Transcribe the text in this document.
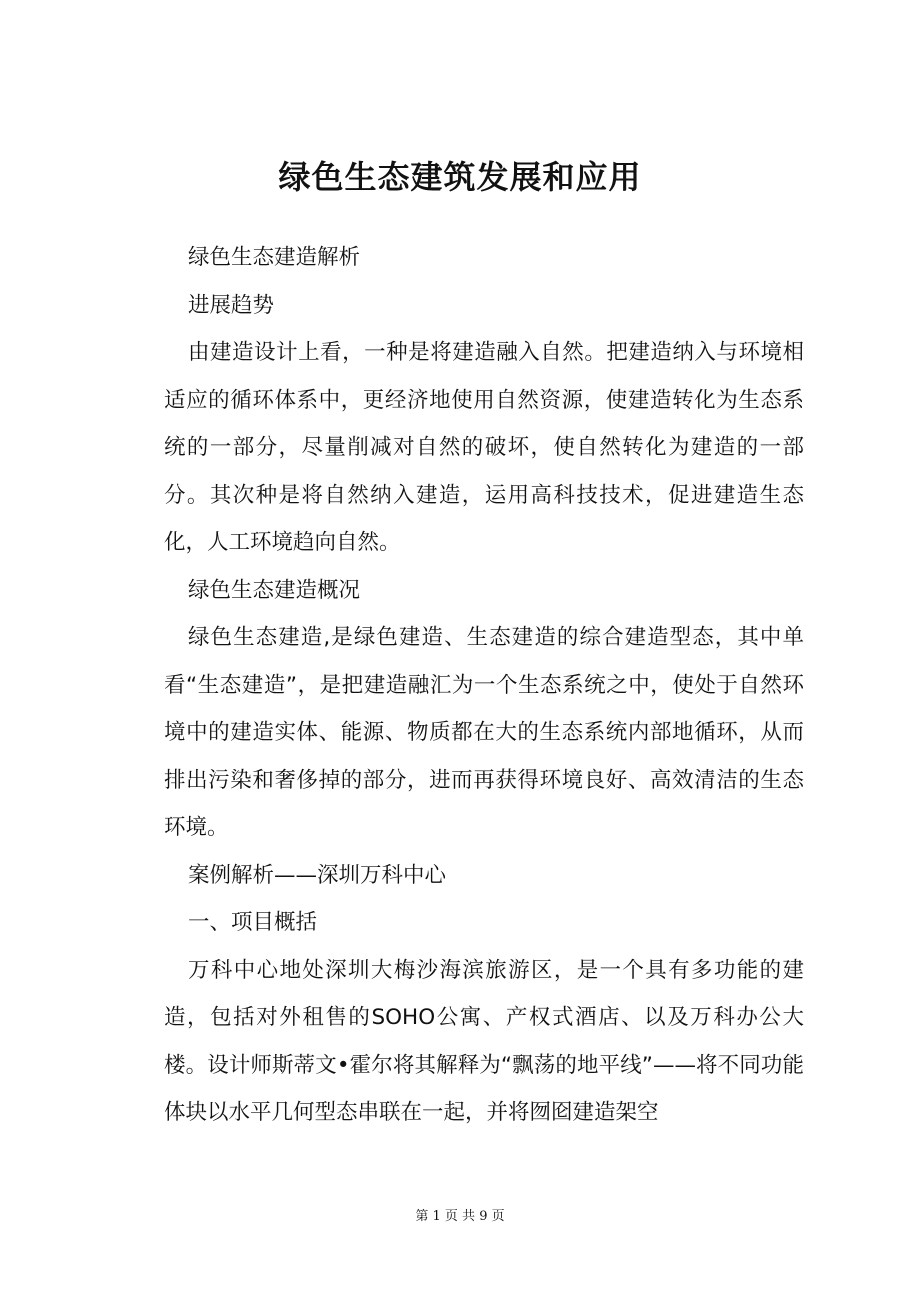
绿色生态建筑发展和应用

绿色生态建造解析

进展趋势

由建造设计上看，一种是将建造融入自然。把建造纳入与环境相适应的循环体系中，更经济地使用自然资源，使建造转化为生态系统的一部分，尽量削减对自然的破坏，使自然转化为建造的一部分。其次种是将自然纳入建造，运用高科技技术，促进建造生态化，人工环境趋向自然。

绿色生态建造概况

绿色生态建造,是绿色建造、生态建造的综合建造型态，其中单看“生态建造”，是把建造融汇为一个生态系统之中，使处于自然环境中的建造实体、能源、物质都在大的生态系统内部地循环，从而排出污染和奢侈掉的部分，进而再获得环境良好、高效清洁的生态环境。

案例解析——深圳万科中心

一、项目概括

万科中心地处深圳大梅沙海滨旅游区，是一个具有多功能的建造，包括对外租售的SOHO公寓、产权式酒店、以及万科办公大楼。设计师斯蒂文•霍尔将其解释为“飘荡的地平线”——将不同功能体块以水平几何型态串联在一起，并将囫囵建造架空

第 1 页 共 9 页
